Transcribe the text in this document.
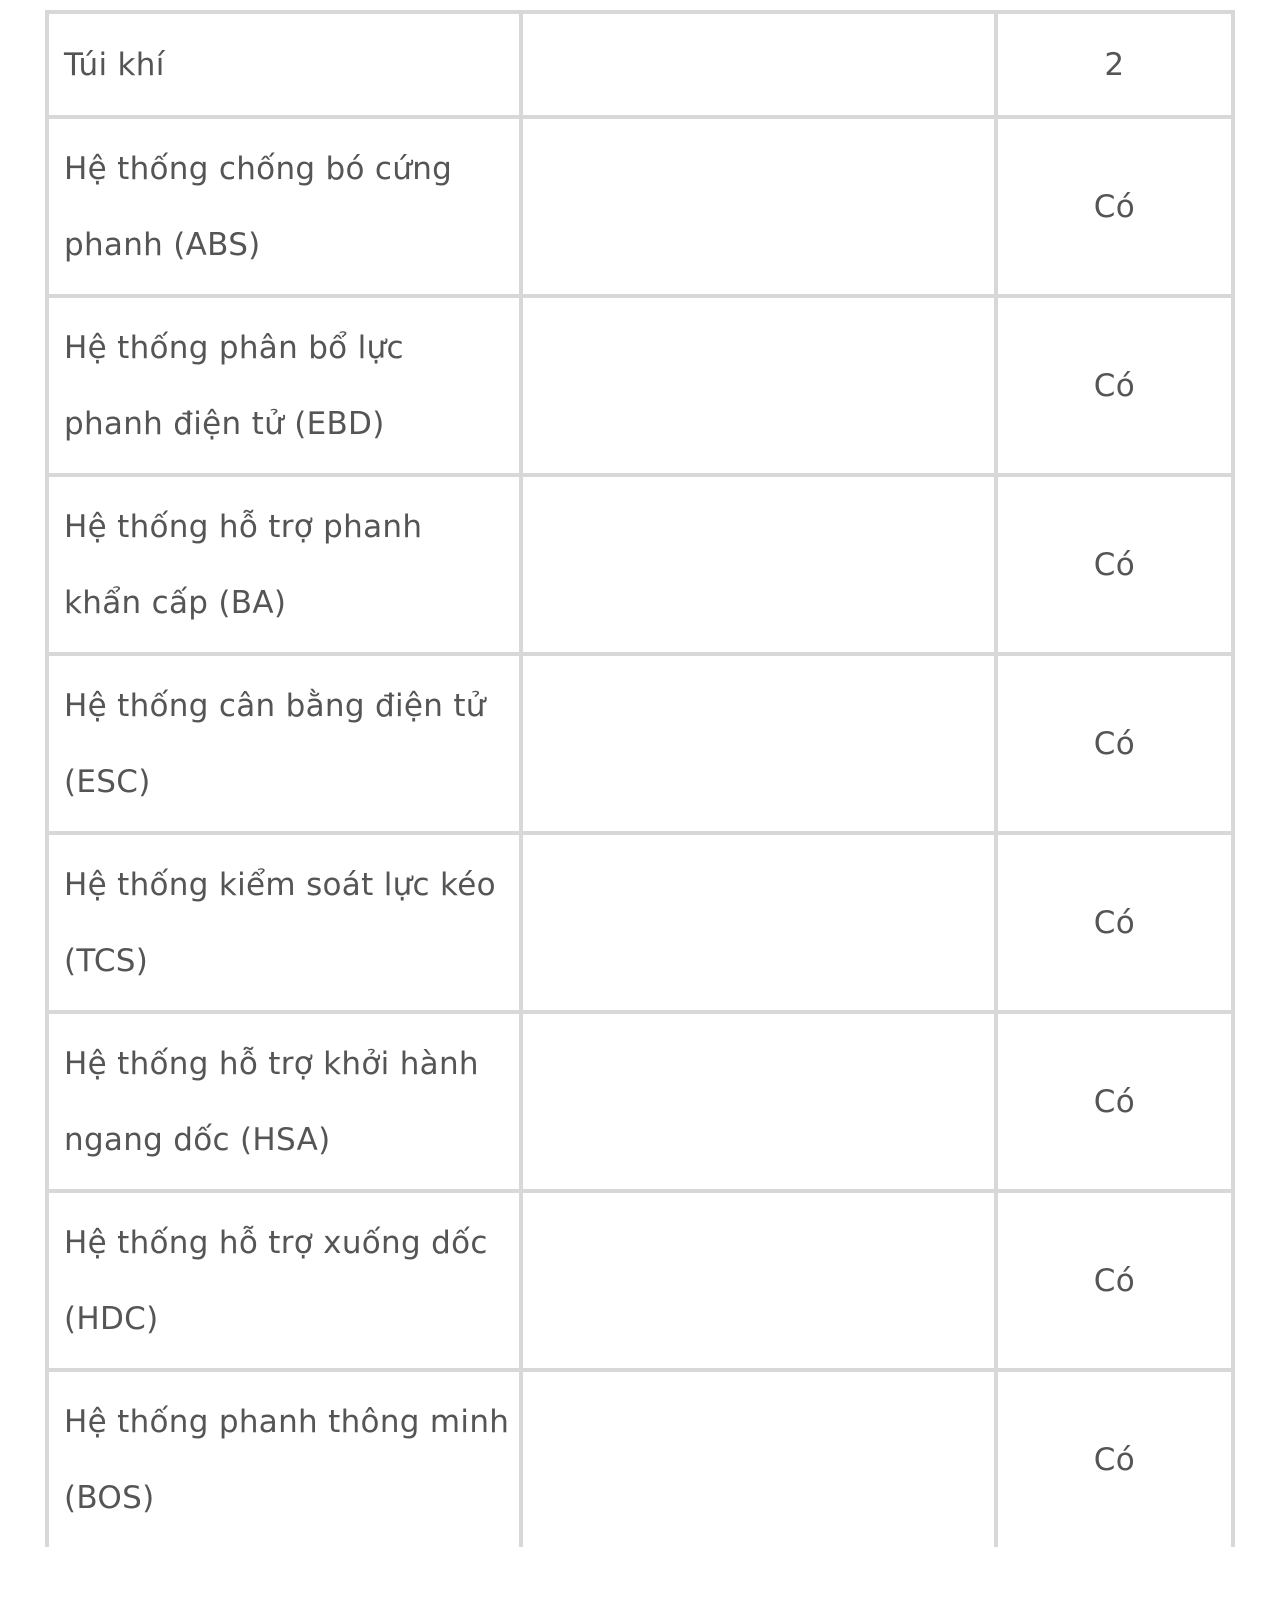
Túi khí		2
Hệ thống chống bó cứng phanh (ABS)		Có
Hệ thống phân bổ lực phanh điện tử (EBD)		Có
Hệ thống hỗ trợ phanh khẩn cấp (BA)		Có
Hệ thống cân bằng điện tử (ESC)		Có
Hệ thống kiểm soát lực kéo (TCS)		Có
Hệ thống hỗ trợ khởi hành ngang dốc (HSA)		Có
Hệ thống hỗ trợ xuống dốc (HDC)		Có
Hệ thống phanh thông minh (BOS)		Có
